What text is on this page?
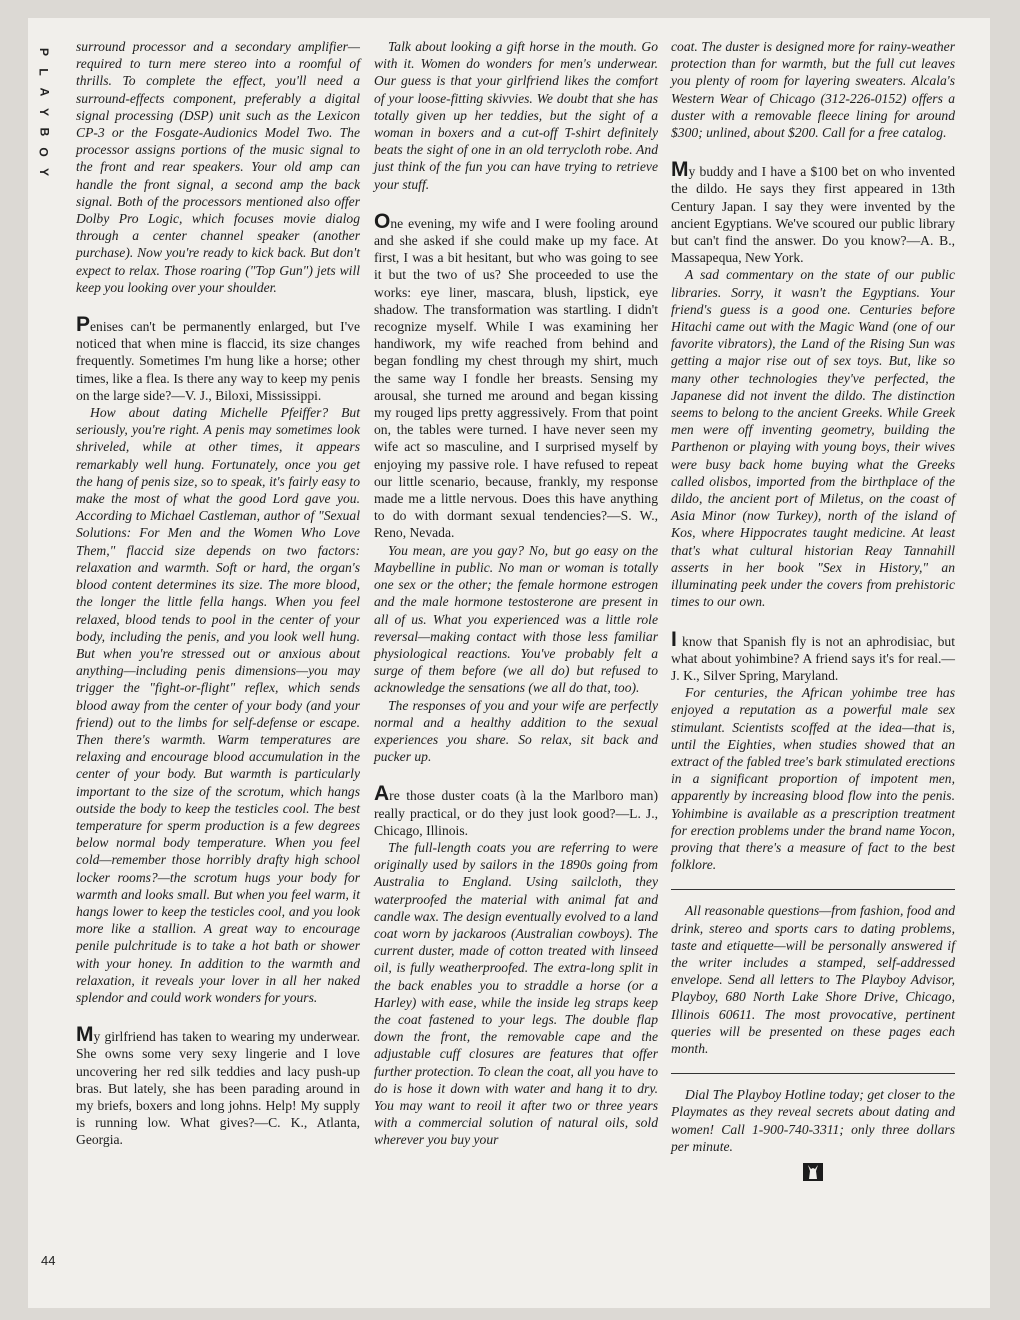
P
L
A
Y
B
O
Y
44

surround processor and a secondary amplifier—required to turn mere stereo into a roomful of thrills. To complete the effect, you'll need a surround-effects component, preferably a digital signal processing (DSP) unit such as the Lexicon CP-3 or the Fosgate-Audionics Model Two. The processor assigns portions of the music signal to the front and rear speakers. Your old amp can handle the front signal, a second amp the back signal. Both of the processors mentioned also offer Dolby Pro Logic, which focuses movie dialog through a center channel speaker (another purchase). Now you're ready to kick back. But don't expect to relax. Those roaring ("Top Gun") jets will keep you looking over your shoulder.

Penises can't be permanently enlarged, but I've noticed that when mine is flaccid, its size changes frequently. Sometimes I'm hung like a horse; other times, like a flea. Is there any way to keep my penis on the large side?—V. J., Biloxi, Mississippi.

How about dating Michelle Pfeiffer? But seriously, you're right. A penis may sometimes look shriveled, while at other times, it appears remarkably well hung. Fortunately, once you get the hang of penis size, so to speak, it's fairly easy to make the most of what the good Lord gave you. According to Michael Castleman, author of "Sexual Solutions: For Men and the Women Who Love Them," flaccid size depends on two factors: relaxation and warmth. Soft or hard, the organ's blood content determines its size. The more blood, the longer the little fella hangs. When you feel relaxed, blood tends to pool in the center of your body, including the penis, and you look well hung. But when you're stressed out or anxious about anything—including penis dimensions—you may trigger the "fight-or-flight" reflex, which sends blood away from the center of your body (and your friend) out to the limbs for self-defense or escape. Then there's warmth. Warm temperatures are relaxing and encourage blood accumulation in the center of your body. But warmth is particularly important to the size of the scrotum, which hangs outside the body to keep the testicles cool. The best temperature for sperm production is a few degrees below normal body temperature. When you feel cold—remember those horribly drafty high school locker rooms?—the scrotum hugs your body for warmth and looks small. But when you feel warm, it hangs lower to keep the testicles cool, and you look more like a stallion. A great way to encourage penile pulchritude is to take a hot bath or shower with your honey. In addition to the warmth and relaxation, it reveals your lover in all her naked splendor and could work wonders for yours.

My girlfriend has taken to wearing my underwear. She owns some very sexy lingerie and I love uncovering her red silk teddies and lacy push-up bras. But lately, she has been parading around in my briefs, boxers and long johns. Help! My supply is running low. What gives?—C. K., Atlanta, Georgia.

Talk about looking a gift horse in the mouth. Go with it. Women do wonders for men's underwear. Our guess is that your girlfriend likes the comfort of your loose-fitting skivvies. We doubt that she has totally given up her teddies, but the sight of a woman in boxers and a cut-off T-shirt definitely beats the sight of one in an old terrycloth robe. And just think of the fun you can have trying to retrieve your stuff.

One evening, my wife and I were fooling around and she asked if she could make up my face. At first, I was a bit hesitant, but who was going to see it but the two of us? She proceeded to use the works: eye liner, mascara, blush, lipstick, eye shadow. The transformation was startling. I didn't recognize myself. While I was examining her handiwork, my wife reached from behind and began fondling my chest through my shirt, much the same way I fondle her breasts. Sensing my arousal, she turned me around and began kissing my rouged lips pretty aggressively. From that point on, the tables were turned. I have never seen my wife act so masculine, and I surprised myself by enjoying my passive role. I have refused to repeat our little scenario, because, frankly, my response made me a little nervous. Does this have anything to do with dormant sexual tendencies?—S. W., Reno, Nevada.

You mean, are you gay? No, but go easy on the Maybelline in public. No man or woman is totally one sex or the other; the female hormone estrogen and the male hormone testosterone are present in all of us. What you experienced was a little role reversal—making contact with those less familiar physiological reactions. You've probably felt a surge of them before (we all do) but refused to acknowledge the sensations (we all do that, too).

The responses of you and your wife are perfectly normal and a healthy addition to the sexual experiences you share. So relax, sit back and pucker up.

Are those duster coats (à la the Marlboro man) really practical, or do they just look good?—L. J., Chicago, Illinois.

The full-length coats you are referring to were originally used by sailors in the 1890s going from Australia to England. Using sailcloth, they waterproofed the material with animal fat and candle wax. The design eventually evolved to a land coat worn by jackaroos (Australian cowboys). The current duster, made of cotton treated with linseed oil, is fully weatherproofed. The extra-long split in the back enables you to straddle a horse (or a Harley) with ease, while the inside leg straps keep the coat fastened to your legs. The double flap down the front, the removable cape and the adjustable cuff closures are features that offer further protection. To clean the coat, all you have to do is hose it down with water and hang it to dry. You may want to reoil it after two or three years with a commercial solution of natural oils, sold wherever you buy your

coat. The duster is designed more for rainy-weather protection than for warmth, but the full cut leaves you plenty of room for layering sweaters. Alcala's Western Wear of Chicago (312-226-0152) offers a duster with a removable fleece lining for around $300; unlined, about $200. Call for a free catalog.

My buddy and I have a $100 bet on who invented the dildo. He says they first appeared in 13th Century Japan. I say they were invented by the ancient Egyptians. We've scoured our public library but can't find the answer. Do you know?—A. B., Massapequa, New York.

A sad commentary on the state of our public libraries. Sorry, it wasn't the Egyptians. Your friend's guess is a good one. Centuries before Hitachi came out with the Magic Wand (one of our favorite vibrators), the Land of the Rising Sun was getting a major rise out of sex toys. But, like so many other technologies they've perfected, the Japanese did not invent the dildo. The distinction seems to belong to the ancient Greeks. While Greek men were off inventing geometry, building the Parthenon or playing with young boys, their wives were busy back home buying what the Greeks called olisbos, imported from the birthplace of the dildo, the ancient port of Miletus, on the coast of Asia Minor (now Turkey), north of the island of Kos, where Hippocrates taught medicine. At least that's what cultural historian Reay Tannahill asserts in her book "Sex in History," an illuminating peek under the covers from prehistoric times to our own.

I know that Spanish fly is not an aphrodisiac, but what about yohimbine? A friend says it's for real.—J. K., Silver Spring, Maryland.

For centuries, the African yohimbe tree has enjoyed a reputation as a powerful male sex stimulant. Scientists scoffed at the idea—that is, until the Eighties, when studies showed that an extract of the fabled tree's bark stimulated erections in a significant proportion of impotent men, apparently by increasing blood flow into the penis. Yohimbine is available as a prescription treatment for erection problems under the brand name Yocon, proving that there's a measure of fact to the best folklore.

All reasonable questions—from fashion, food and drink, stereo and sports cars to dating problems, taste and etiquette—will be personally answered if the writer includes a stamped, self-addressed envelope. Send all letters to The Playboy Advisor, Playboy, 680 North Lake Shore Drive, Chicago, Illinois 60611. The most provocative, pertinent queries will be presented on these pages each month.

Dial The Playboy Hotline today; get closer to the Playmates as they reveal secrets about dating and women! Call 1-900-740-3311; only three dollars per minute.
